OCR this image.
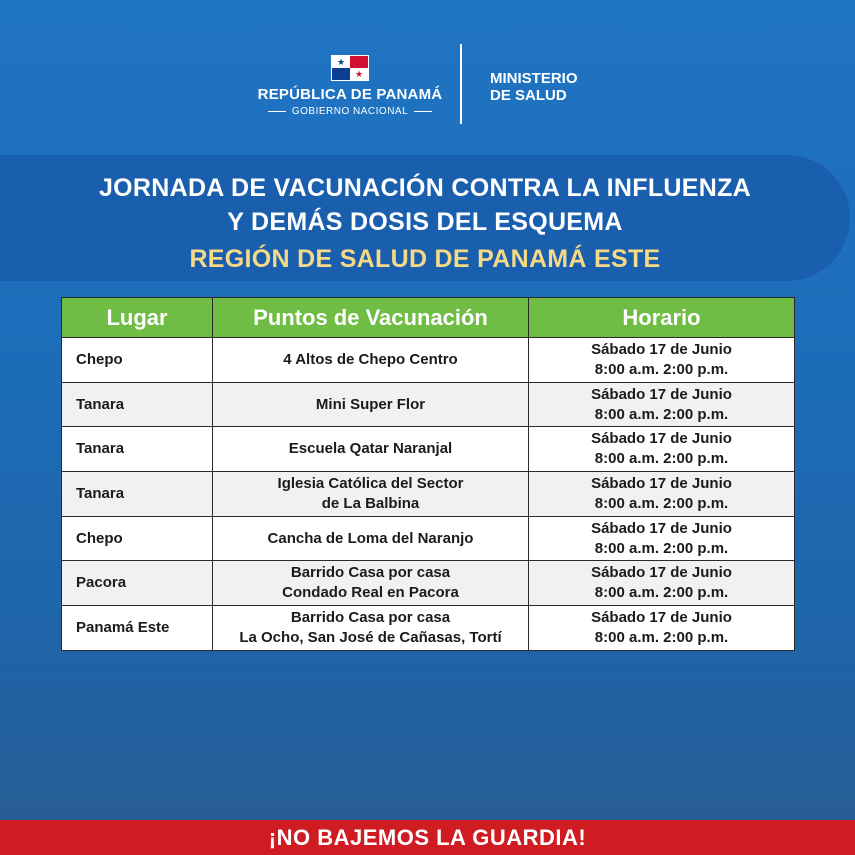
★
★
REPÚBLICA DE PANAMÁ
GOBIERNO NACIONAL
MINISTERIO
DE SALUD
JORNADA DE VACUNACIÓN CONTRA LA INFLUENZA
Y DEMÁS DOSIS DEL ESQUEMA
REGIÓN DE SALUD DE PANAMÁ ESTE
Lugar	Puntos de Vacunación	Horario
Chepo	4 Altos de Chepo Centro	Sábado 17 de Junio
8:00 a.m. 2:00 p.m.

Tanara	Mini Super Flor	Sábado 17 de Junio
8:00 a.m. 2:00 p.m.

Tanara	Escuela Qatar Naranjal	Sábado 17 de Junio
8:00 a.m. 2:00 p.m.

Tanara	Iglesia Católica del Sector
de La Balbina	Sábado 17 de Junio
8:00 a.m. 2:00 p.m.

Chepo	Cancha de Loma del Naranjo	Sábado 17 de Junio
8:00 a.m. 2:00 p.m.

Pacora	Barrido Casa por casa
Condado Real en Pacora	Sábado 17 de Junio
8:00 a.m. 2:00 p.m.

Panamá Este	Barrido Casa por casa
La Ocho, San José de Cañasas, Tortí	Sábado 17 de Junio
8:00 a.m. 2:00 p.m.
¡NO BAJEMOS LA GUARDIA!
